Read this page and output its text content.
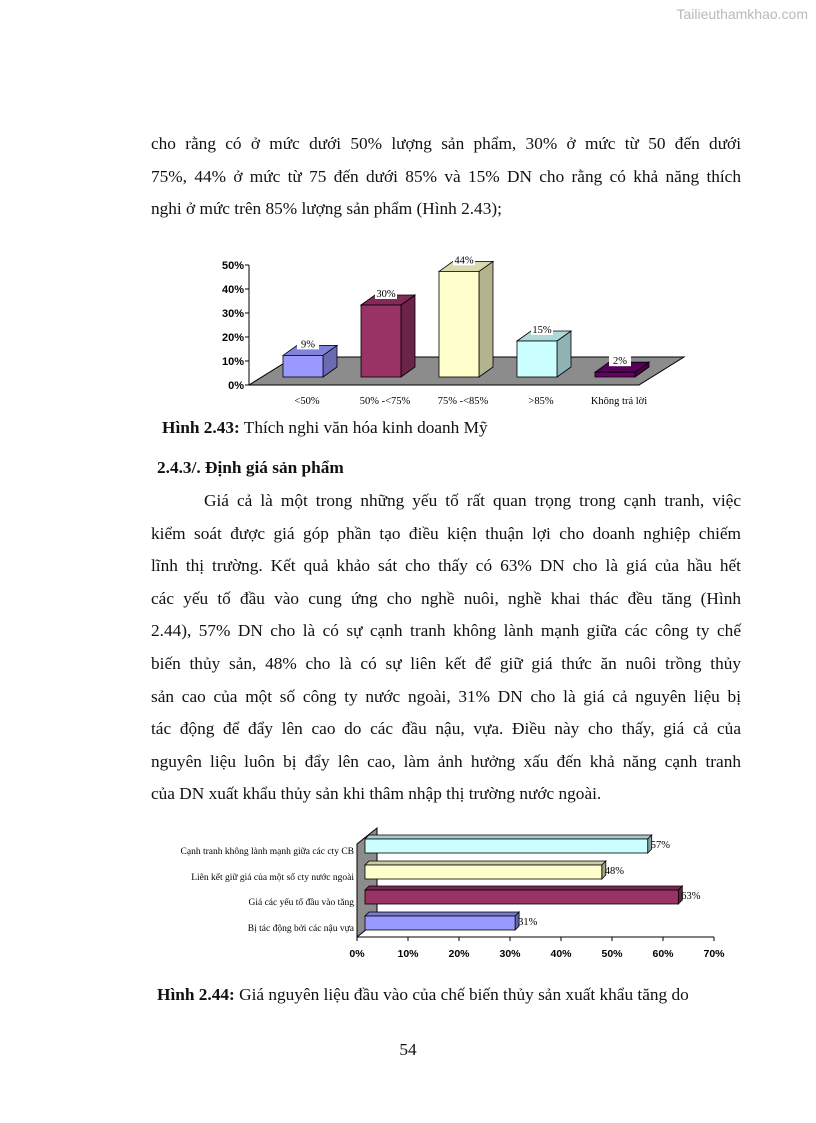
Tailieuthamkhao.com
cho rằng có ở mức dưới 50% lượng sản phẩm, 30% ở mức từ 50 đến dưới
75%, 44% ở mức từ 75 đến dưới 85% và 15% DN cho rằng có khả năng thích
nghi ở mức trên 85% lượng sản phẩm (Hình 2.43);
0%
10%
20%
30%
40%
50%
9%
<50%
30%
50% -<75%
44%
75% -<85%
15%
>85%
2%
Không trả lời
Hình 2.43: Thích nghi văn hóa kinh doanh Mỹ
2.4.3/. Định giá sản phẩm
Giá cả là một trong những yếu tố rất quan trọng trong cạnh tranh, việc
kiểm soát được giá góp phần tạo điều kiện thuận lợi cho doanh nghiệp chiếm
lĩnh thị trường. Kết quả khảo sát cho thấy có 63% DN cho là giá của hầu hết
các yếu tố đầu vào cung ứng cho nghề nuôi, nghề khai thác đều tăng (Hình
2.44), 57% DN cho là có sự cạnh tranh không lành mạnh giữa các công ty chế
biến thủy sản, 48% cho là có sự liên kết để giữ giá thức ăn nuôi trồng thủy
sản cao của một số công ty nước ngoài, 31% DN cho là giá cả nguyên liệu bị
tác động để đẩy lên cao do các đầu nậu, vựa. Điều này cho thấy, giá cả của
nguyên liệu luôn bị đẩy lên cao, làm ảnh hưởng xấu đến khả năng cạnh tranh
của DN xuất khẩu thủy sản khi thâm nhập thị trường nước ngoài.
0%	10%	20%	30%	40%	50%	60%	70%
31%
Bị tác động bởi các nậu vựa
63%
Giá các yếu tố đầu vào tăng
48%
Liên kết giữ giá của một số cty nước ngoài
57%
Cạnh tranh không lành mạnh giữa các cty CB
Hình 2.44: Giá nguyên liệu đầu vào của chế biến thủy sản xuất khẩu tăng do
54
